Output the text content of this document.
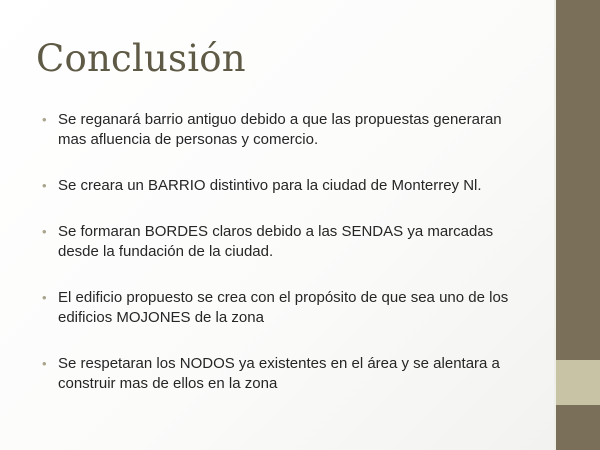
Conclusión
• Se reganará barrio antiguo debido a que las propuestas generaran mas afluencia de personas y comercio.
• Se creara un BARRIO distintivo para la ciudad de Monterrey Nl.
• Se formaran BORDES claros debido a las SENDAS ya marcadas desde la fundación de la ciudad.
• El edificio propuesto se crea con el propósito de que sea uno de los edificios MOJONES de la zona
• Se respetaran los NODOS ya existentes en el área y se alentara a construir mas de ellos en la zona
